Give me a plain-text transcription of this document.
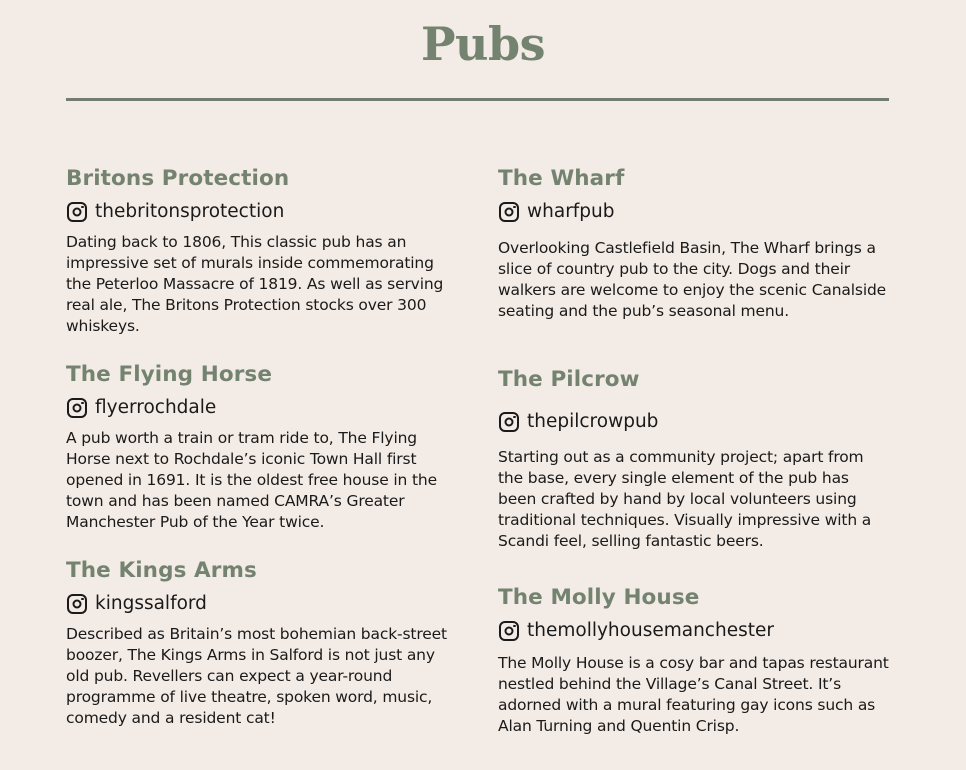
Pubs
Britons Protection
thebritonsprotection

Dating back to 1806, This classic pub has an impressive set of murals inside commemorating the Peterloo Massacre of 1819. As well as serving real ale, The Britons Protection stocks over 300 whiskeys.

The Flying Horse
flyerrochdale

A pub worth a train or tram ride to, The Flying Horse next to Rochdale’s iconic Town Hall first opened in 1691. It is the oldest free house in the town and has been named CAMRA’s Greater Manchester Pub of the Year twice.

The Kings Arms
kingssalford

Described as Britain’s most bohemian back-street boozer, The Kings Arms in Salford is not just any old pub. Revellers can expect a year-round programme of live theatre, spoken word, music, comedy and a resident cat!

The Wharf
wharfpub

Overlooking Castlefield Basin, The Wharf brings a slice of country pub to the city. Dogs and their walkers are welcome to enjoy the scenic Canalside seating and the pub’s seasonal menu.

The Pilcrow
thepilcrowpub

Starting out as a community project; apart from the base, every single element of the pub has been crafted by hand by local volunteers using traditional techniques. Visually impressive with a Scandi feel, selling fantastic beers.

The Molly House
themollyhousemanchester

The Molly House is a cosy bar and tapas restaurant nestled behind the Village’s Canal Street. It’s adorned with a mural featuring gay icons such as Alan Turning and Quentin Crisp.
